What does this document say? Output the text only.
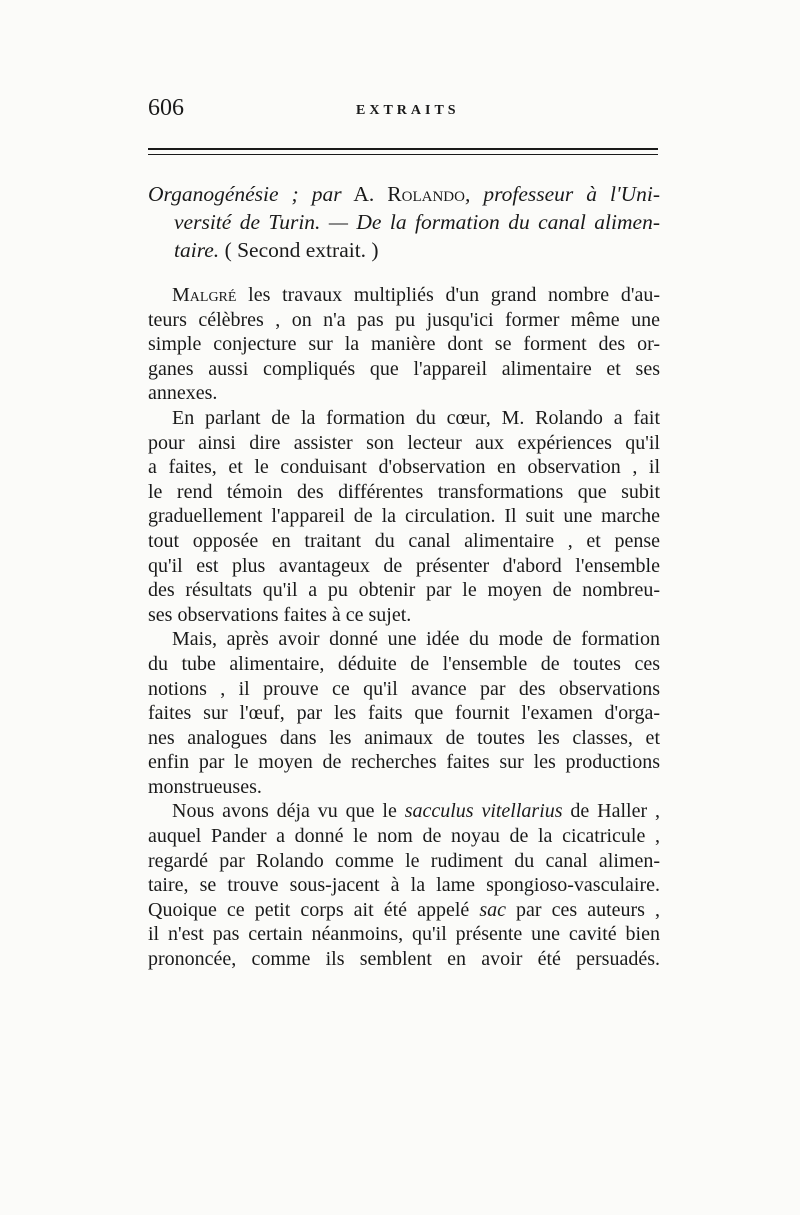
606	EXTRAITS
Organogénésie ; par A. Rolando, professeur à l'Uni-
versité de Turin. — De la formation du canal alimen-
taire. ( Second extrait. )
Malgré les travaux multipliés d'un grand nombre d'au-
teurs célèbres , on n'a pas pu jusqu'ici former même une
simple conjecture sur la manière dont se forment des or-
ganes aussi compliqués que l'appareil alimentaire et ses
annexes.
En parlant de la formation du cœur, M. Rolando a fait
pour ainsi dire assister son lecteur aux expériences qu'il
a faites, et le conduisant d'observation en observation , il
le rend témoin des différentes transformations que subit
graduellement l'appareil de la circulation. Il suit une marche
tout opposée en traitant du canal alimentaire , et pense
qu'il est plus avantageux de présenter d'abord l'ensemble
des résultats qu'il a pu obtenir par le moyen de nombreu-
ses observations faites à ce sujet.
Mais, après avoir donné une idée du mode de formation
du tube alimentaire, déduite de l'ensemble de toutes ces
notions , il prouve ce qu'il avance par des observations
faites sur l'œuf, par les faits que fournit l'examen d'orga-
nes analogues dans les animaux de toutes les classes, et
enfin par le moyen de recherches faites sur les productions
monstrueuses.
Nous avons déja vu que le sacculus vitellarius de Haller ,
auquel Pander a donné le nom de noyau de la cicatricule ,
regardé par Rolando comme le rudiment du canal alimen-
taire, se trouve sous-jacent à la lame spongioso-vasculaire.
Quoique ce petit corps ait été appelé sac par ces auteurs ,
il n'est pas certain néanmoins, qu'il présente une cavité bien
prononcée, comme ils semblent en avoir été persuadés.
